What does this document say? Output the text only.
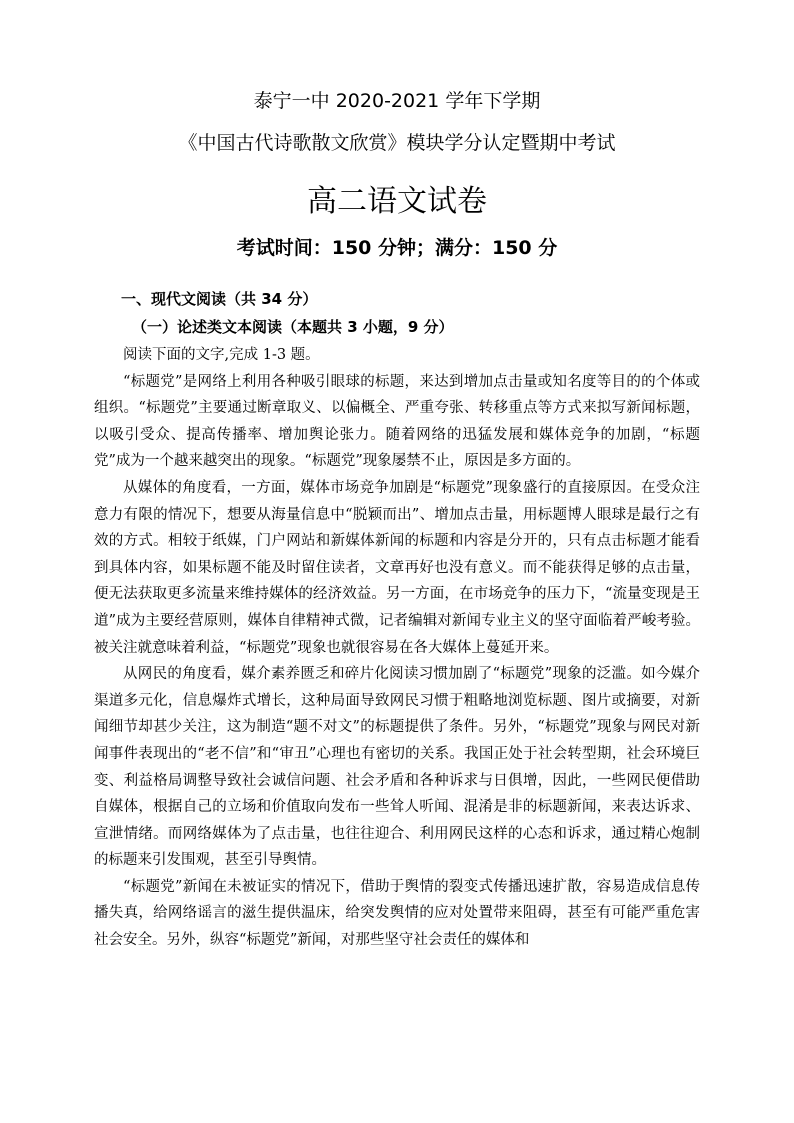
泰宁一中 2020-2021 学年下学期
《中国古代诗歌散文欣赏》模块学分认定暨期中考试
高二语文试卷
考试时间：150 分钟；满分：150 分
一、现代文阅读（共 34 分）
（一）论述类文本阅读（本题共 3 小题，9 分）

阅读下面的文字,完成 1-3 题。

“标题党”是网络上利用各种吸引眼球的标题，来达到增加点击量或知名度等目的的个体或组织。“标题党”主要通过断章取义、以偏概全、严重夸张、转移重点等方式来拟写新闻标题，以吸引受众、提高传播率、增加舆论张力。随着网络的迅猛发展和媒体竞争的加剧，“标题党”成为一个越来越突出的现象。“标题党”现象屡禁不止，原因是多方面的。

从媒体的角度看，一方面，媒体市场竞争加剧是“标题党”现象盛行的直接原因。在受众注意力有限的情况下，想要从海量信息中“脱颖而出”、增加点击量，用标题博人眼球是最行之有效的方式。相较于纸媒，门户网站和新媒体新闻的标题和内容是分开的，只有点击标题才能看到具体内容，如果标题不能及时留住读者，文章再好也没有意义。而不能获得足够的点击量，便无法获取更多流量来维持媒体的经济效益。另一方面，在市场竞争的压力下，“流量变现是王道”成为主要经营原则，媒体自律精神式微，记者编辑对新闻专业主义的坚守面临着严峻考验。被关注就意味着利益，“标题党”现象也就很容易在各大媒体上蔓延开来。

从网民的角度看，媒介素养匮乏和碎片化阅读习惯加剧了“标题党”现象的泛滥。如今媒介渠道多元化，信息爆炸式增长，这种局面导致网民习惯于粗略地浏览标题、图片或摘要，对新闻细节却甚少关注，这为制造“题不对文”的标题提供了条件。另外，“标题党”现象与网民对新闻事件表现出的“老不信”和“审丑”心理也有密切的关系。我国正处于社会转型期，社会环境巨变、利益格局调整导致社会诚信问题、社会矛盾和各种诉求与日俱增，因此，一些网民便借助自媒体，根据自己的立场和价值取向发布一些耸人听闻、混淆是非的标题新闻，来表达诉求、宣泄情绪。而网络媒体为了点击量，也往往迎合、利用网民这样的心态和诉求，通过精心炮制的标题来引发围观，甚至引导舆情。

“标题党”新闻在未被证实的情况下，借助于舆情的裂变式传播迅速扩散，容易造成信息传播失真，给网络谣言的滋生提供温床，给突发舆情的应对处置带来阻碍，甚至有可能严重危害社会安全。另外，纵容“标题党”新闻，对那些坚守社会责任的媒体和
